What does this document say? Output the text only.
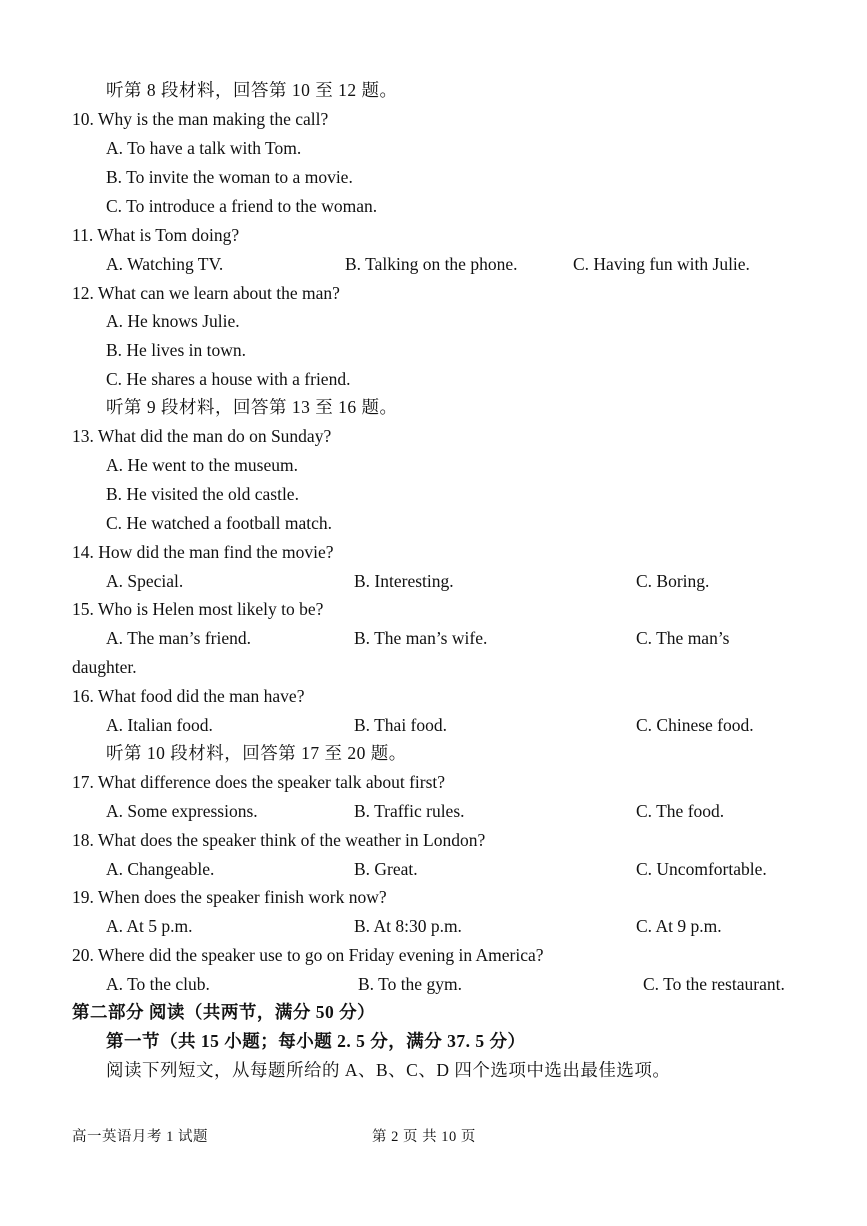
听第 8 段材料，回答第 10 至 12 题。
10. Why is the man making the call?
A. To have a talk with Tom.
B. To invite the woman to a movie.
C. To introduce a friend to the woman.
11. What is Tom doing?
A. Watching TV.	B. Talking on the phone.	C. Having fun with Julie.
12. What can we learn about the man?
A. He knows Julie.
B. He lives in town.
C. He shares a house with a friend.
听第 9 段材料，回答第 13 至 16 题。
13. What did the man do on Sunday?
A. He went to the museum.
B. He visited the old castle.
C. He watched a football match.
14. How did the man find the movie?
A. Special.	B. Interesting.	C. Boring.
15. Who is Helen most likely to be?
A. The man’s friend.	B. The man’s wife.	C. The man’s
daughter.
16. What food did the man have?
A. Italian food.	B. Thai food.	C. Chinese food.
听第 10 段材料，回答第 17 至 20 题。
17. What difference does the speaker talk about first?
A. Some expressions.	B. Traffic rules.	C. The food.
18. What does the speaker think of the weather in London?
A. Changeable.	B. Great.	C. Uncomfortable.
19. When does the speaker finish work now?
A. At 5 p.m.	B. At 8:30 p.m.	C. At 9 p.m.
20. Where did the speaker use to go on Friday evening in America?
A. To the club.	B. To the gym.	C. To the restaurant.
第二部分 阅读（共两节，满分 50 分）
第一节（共 15 小题；每小题 2. 5 分，满分 37. 5 分）
阅读下列短文，从每题所给的 A、B、C、D 四个选项中选出最佳选项。
高一英语月考 1 试题	第 2 页 共 10 页
